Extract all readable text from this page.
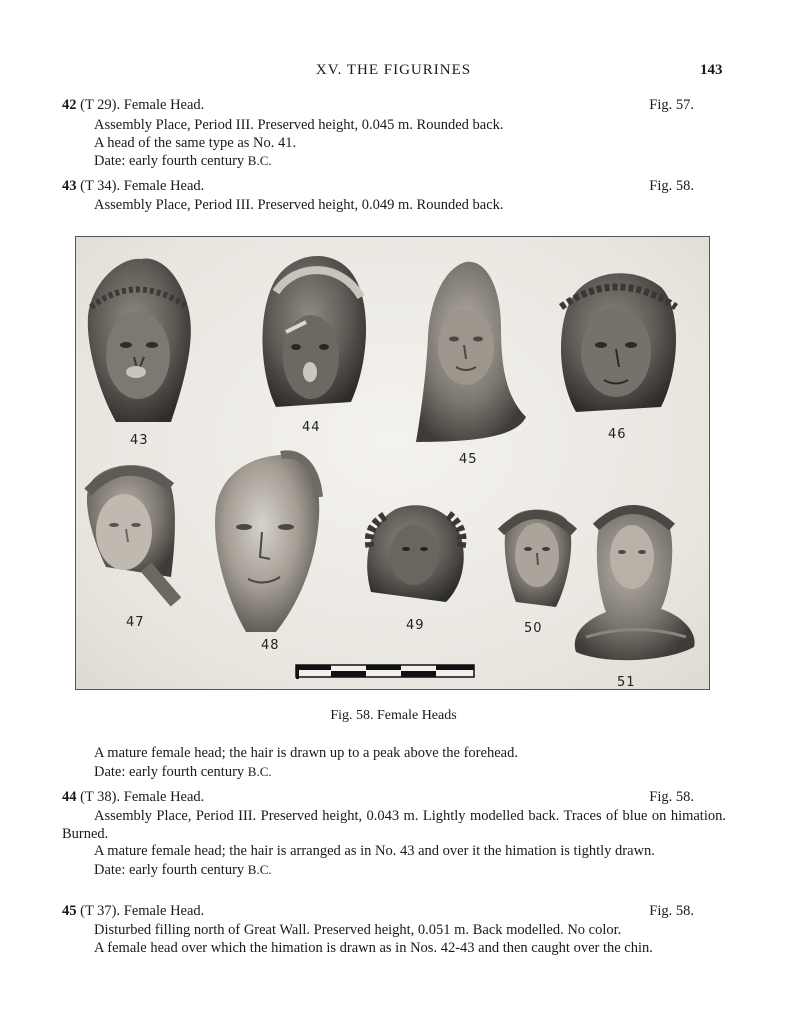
XV. THE FIGURINES	143
42 (T 29). Female Head.	Fig. 57.
Assembly Place, Period III. Preserved height, 0.045 m. Rounded back.
A head of the same type as No. 41.
Date: early fourth century B.C.
43 (T 34). Female Head.	Fig. 58.
Assembly Place, Period III. Preserved height, 0.049 m. Rounded back.
43
44
45
46
47
48
49	50
51
Fig. 58. Female Heads
A mature female head; the hair is drawn up to a peak above the forehead.
Date: early fourth century B.C.
44 (T 38). Female Head.	Fig. 58.
Assembly Place, Period III. Preserved height, 0.043 m. Lightly modelled back. Traces of blue on himation. Burned.
A mature female head; the hair is arranged as in No. 43 and over it the himation is tightly drawn.
Date: early fourth century B.C.
45 (T 37). Female Head.	Fig. 58.
Disturbed filling north of Great Wall. Preserved height, 0.051 m. Back modelled. No color.
A female head over which the himation is drawn as in Nos. 42-43 and then caught over the chin.
